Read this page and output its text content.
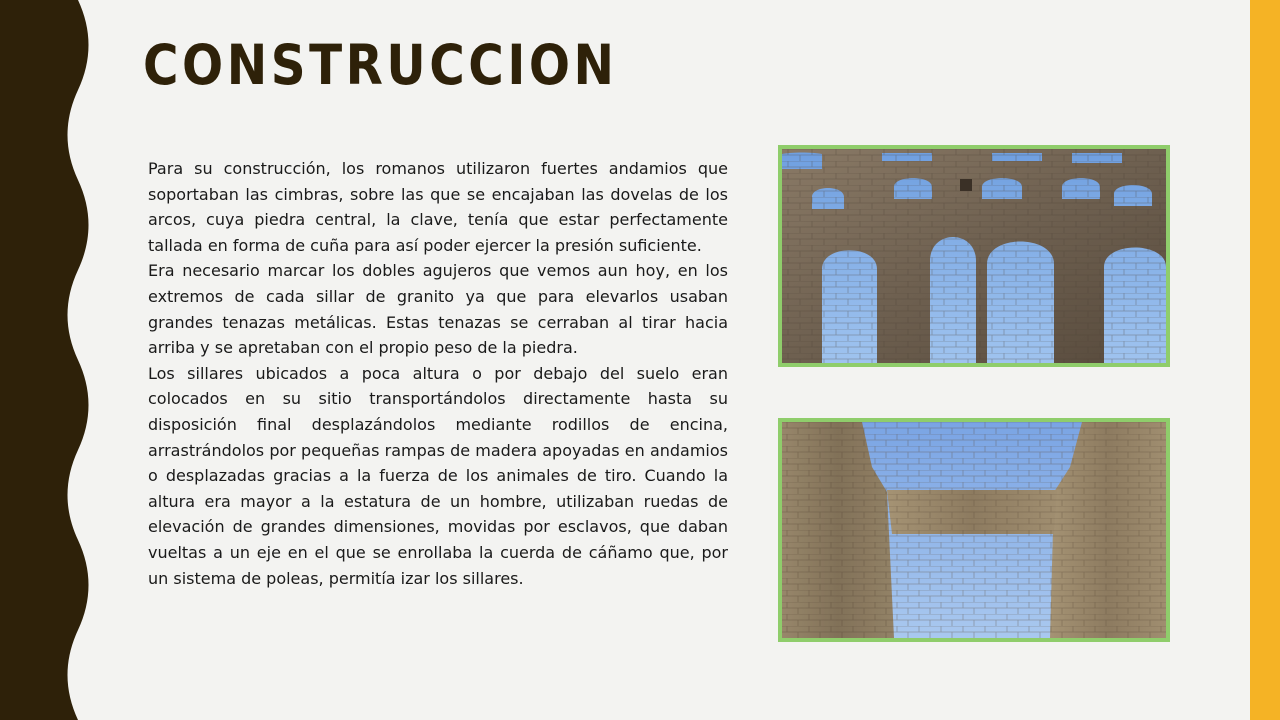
CONSTRUCCION

Para su construcción, los romanos utilizaron fuertes andamios que soportaban las cimbras, sobre las que se encajaban las dovelas de los arcos, cuya piedra central, la clave, tenía que estar perfectamente tallada en forma de cuña para así poder ejercer la presión suficiente.

Era necesario marcar los dobles agujeros que vemos aun hoy, en los extremos de cada sillar de granito ya que para elevarlos usaban grandes tenazas metálicas. Estas tenazas se cerraban al tirar hacia arriba y se apretaban con el propio peso de la piedra.

Los sillares ubicados a poca altura o por debajo del suelo eran colocados en su sitio transportándolos directamente hasta su disposición final desplazándolos mediante rodillos de encina, arrastrándolos por pequeñas rampas de madera apoyadas en andamios o desplazadas gracias a la fuerza de los animales de tiro. Cuando la altura era mayor a la estatura de un hombre, utilizaban ruedas de elevación de grandes dimensiones, movidas por esclavos, que daban vueltas a un eje en el que se enrollaba la cuerda de cáñamo que, por un sistema de poleas, permitía izar los sillares.
